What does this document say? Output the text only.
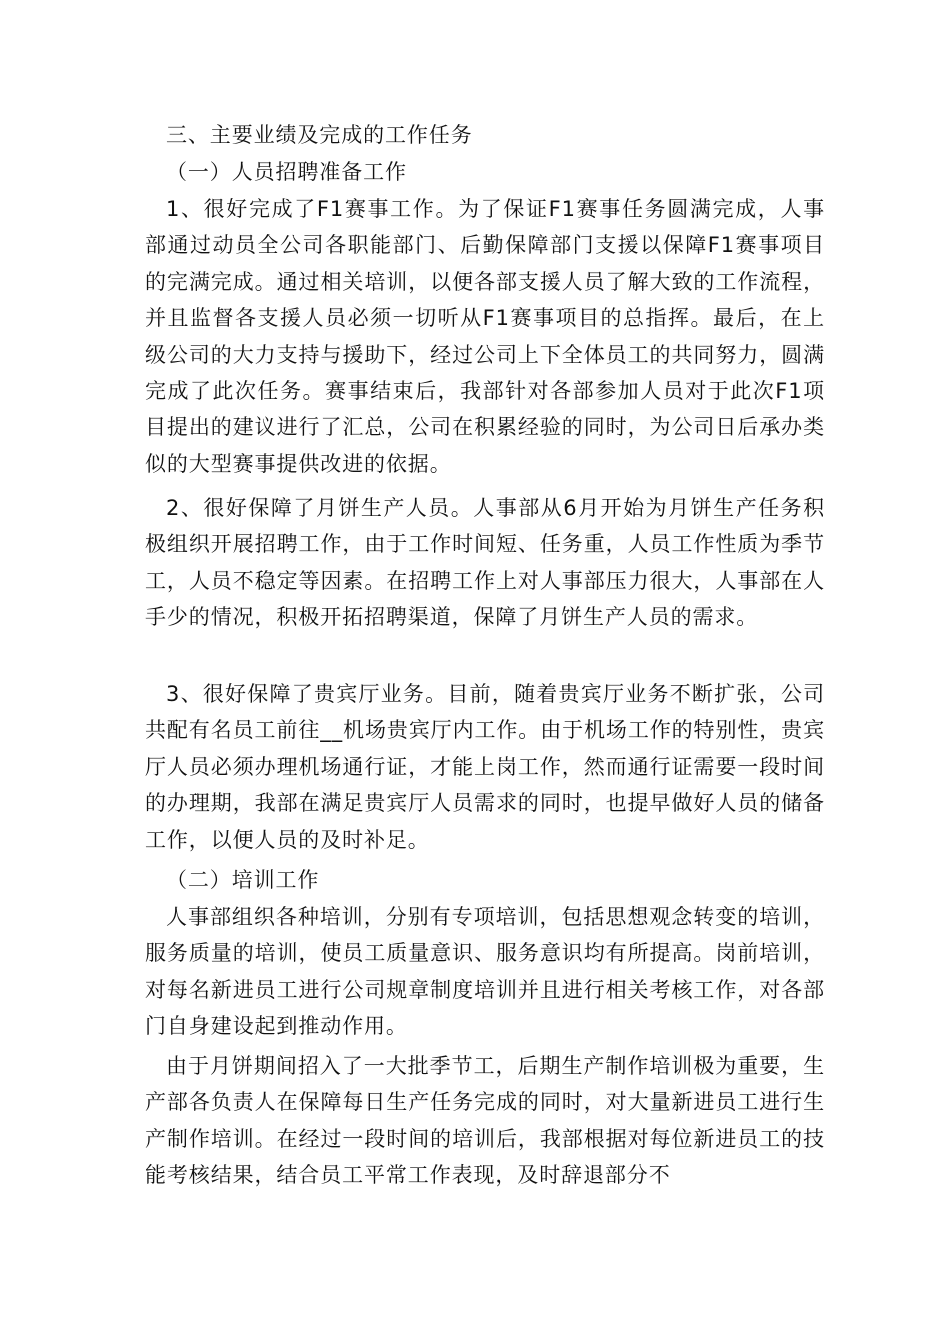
三、主要业绩及完成的工作任务
（一）人员招聘准备工作
1、很好完成了F1赛事工作。为了保证F1赛事任务圆满完成，人事部通过动员全公司各职能部门、后勤保障部门支援以保障F1赛事项目的完满完成。通过相关培训，以便各部支援人员了解大致的工作流程，并且监督各支援人员必须一切听从F1赛事项目的总指挥。最后，在上级公司的大力支持与援助下，经过公司上下全体员工的共同努力，圆满完成了此次任务。赛事结束后，我部针对各部参加人员对于此次F1项目提出的建议进行了汇总，公司在积累经验的同时，为公司日后承办类似的大型赛事提供改进的依据。
2、很好保障了月饼生产人员。人事部从6月开始为月饼生产任务积极组织开展招聘工作，由于工作时间短、任务重，人员工作性质为季节工，人员不稳定等因素。在招聘工作上对人事部压力很大，人事部在人手少的情况，积极开拓招聘渠道，保障了月饼生产人员的需求。
3、很好保障了贵宾厅业务。目前，随着贵宾厅业务不断扩张，公司共配有名员工前往__机场贵宾厅内工作。由于机场工作的特别性，贵宾厅人员必须办理机场通行证，才能上岗工作，然而通行证需要一段时间的办理期，我部在满足贵宾厅人员需求的同时，也提早做好人员的储备工作，以便人员的及时补足。
（二）培训工作
人事部组织各种培训，分别有专项培训，包括思想观念转变的培训，服务质量的培训，使员工质量意识、服务意识均有所提高。岗前培训，对每名新进员工进行公司规章制度培训并且进行相关考核工作，对各部门自身建设起到推动作用。
由于月饼期间招入了一大批季节工，后期生产制作培训极为重要，生产部各负责人在保障每日生产任务完成的同时，对大量新进员工进行生产制作培训。在经过一段时间的培训后，我部根据对每位新进员工的技能考核结果，结合员工平常工作表现，及时辞退部分不
